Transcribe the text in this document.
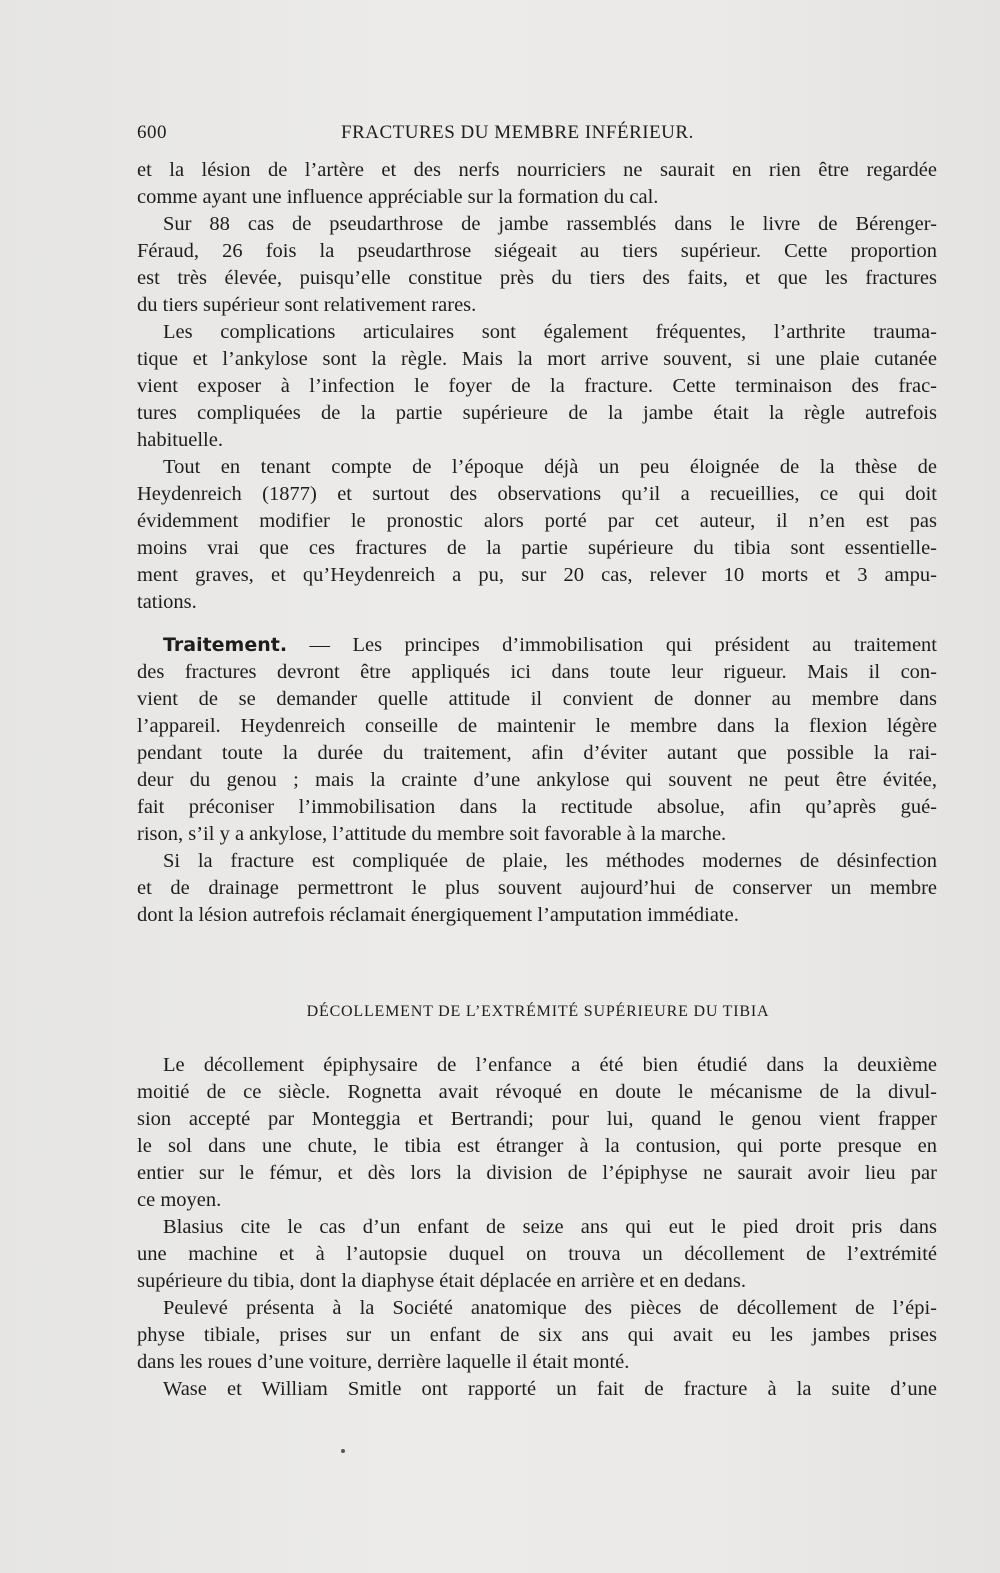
600	FRACTURES DU MEMBRE INFÉRIEUR.
et la lésion de l’artère et des nerfs nourriciers ne saurait en rien être regardée
comme ayant une influence appréciable sur la formation du cal.
Sur 88 cas de pseudarthrose de jambe rassemblés dans le livre de Bérenger-
Féraud, 26 fois la pseudarthrose siégeait au tiers supérieur. Cette proportion
est très élevée, puisqu’elle constitue près du tiers des faits, et que les fractures
du tiers supérieur sont relativement rares.
Les complications articulaires sont également fréquentes, l’arthrite trauma-
tique et l’ankylose sont la règle. Mais la mort arrive souvent, si une plaie cutanée
vient exposer à l’infection le foyer de la fracture. Cette terminaison des frac-
tures compliquées de la partie supérieure de la jambe était la règle autrefois
habituelle.
Tout en tenant compte de l’époque déjà un peu éloignée de la thèse de
Heydenreich (1877) et surtout des observations qu’il a recueillies, ce qui doit
évidemment modifier le pronostic alors porté par cet auteur, il n’en est pas
moins vrai que ces fractures de la partie supérieure du tibia sont essentielle-
ment graves, et qu’Heydenreich a pu, sur 20 cas, relever 10 morts et 3 ampu-
tations.
Traitement. — Les principes d’immobilisation qui président au traitement
des fractures devront être appliqués ici dans toute leur rigueur. Mais il con-
vient de se demander quelle attitude il convient de donner au membre dans
l’appareil. Heydenreich conseille de maintenir le membre dans la flexion légère
pendant toute la durée du traitement, afin d’éviter autant que possible la rai-
deur du genou ; mais la crainte d’une ankylose qui souvent ne peut être évitée,
fait préconiser l’immobilisation dans la rectitude absolue, afin qu’après gué-
rison, s’il y a ankylose, l’attitude du membre soit favorable à la marche.
Si la fracture est compliquée de plaie, les méthodes modernes de désinfection
et de drainage permettront le plus souvent aujourd’hui de conserver un membre
dont la lésion autrefois réclamait énergiquement l’amputation immédiate.
DÉCOLLEMENT DE L’EXTRÉMITÉ SUPÉRIEURE DU TIBIA
Le décollement épiphysaire de l’enfance a été bien étudié dans la deuxième
moitié de ce siècle. Rognetta avait révoqué en doute le mécanisme de la divul-
sion accepté par Monteggia et Bertrandi; pour lui, quand le genou vient frapper
le sol dans une chute, le tibia est étranger à la contusion, qui porte presque en
entier sur le fémur, et dès lors la division de l’épiphyse ne saurait avoir lieu par
ce moyen.
Blasius cite le cas d’un enfant de seize ans qui eut le pied droit pris dans
une machine et à l’autopsie duquel on trouva un décollement de l’extrémité
supérieure du tibia, dont la diaphyse était déplacée en arrière et en dedans.
Peulevé présenta à la Société anatomique des pièces de décollement de l’épi-
physe tibiale, prises sur un enfant de six ans qui avait eu les jambes prises
dans les roues d’une voiture, derrière laquelle il était monté.
Wase et William Smitle ont rapporté un fait de fracture à la suite d’une
